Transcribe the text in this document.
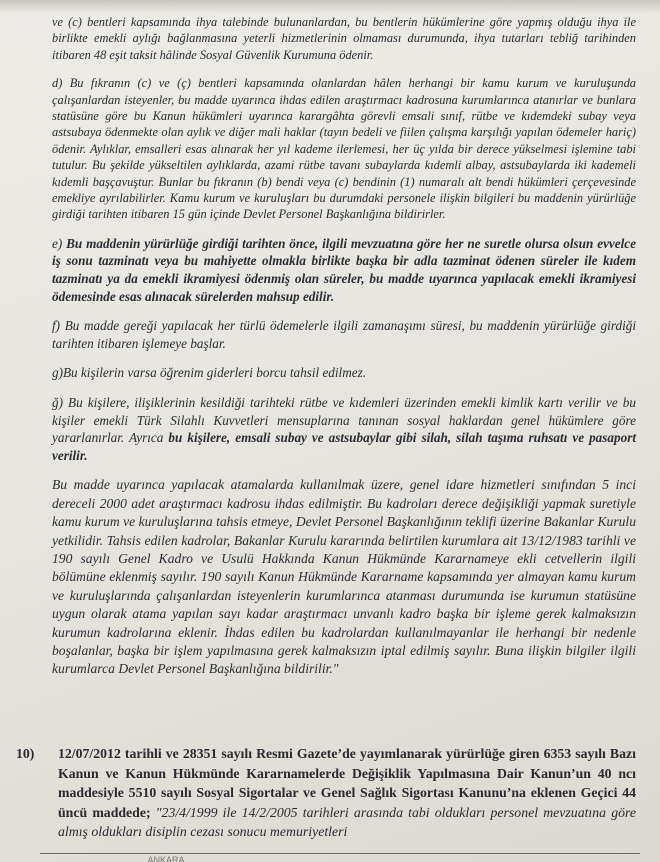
ve (c) bentleri kapsamında ihya talebinde bulunanlardan, bu bentlerin hükümlerine göre yapmış olduğu ihya ile birlikte emekli aylığı bağlanmasına yeterli hizmetlerinin olmaması durumunda, ihya tutarları tebliğ tarihinden itibaren 48 eşit taksit hâlinde Sosyal Güvenlik Kurumuna ödenir.

d) Bu fıkranın (c) ve (ç) bentleri kapsamında olanlardan hâlen herhangi bir kamu kurum ve kuruluşunda çalışanlardan isteyenler, bu madde uyarınca ihdas edilen araştırmacı kadrosuna kurumlarınca atanırlar ve bunlara statüsüne göre bu Kanun hükümleri uyarınca karargâhta görevli emsali sınıf, rütbe ve kıdemdeki subay veya astsubaya ödenmekte olan aylık ve diğer mali haklar (tayın bedeli ve fiilen çalışma karşılığı yapılan ödemeler hariç) ödenir. Aylıklar, emsalleri esas alınarak her yıl kademe ilerlemesi, her üç yılda bir derece yükselmesi işlemine tabi tutulur. Bu şekilde yükseltilen aylıklarda, azami rütbe tavanı subaylarda kıdemli albay, astsubaylarda iki kademeli kıdemli başçavuştur. Bunlar bu fıkranın (b) bendi veya (c) bendinin (1) numaralı alt bendi hükümleri çerçevesinde emekliye ayrılabilirler. Kamu kurum ve kuruluşları bu durumdaki personele ilişkin bilgileri bu maddenin yürürlüğe girdiği tarihten itibaren 15 gün içinde Devlet Personel Başkanlığına bildirirler.

e) Bu maddenin yürürlüğe girdiği tarihten önce, ilgili mevzuatına göre her ne suretle olursa olsun evvelce iş sonu tazminatı veya bu mahiyette olmakla birlikte başka bir adla tazminat ödenen süreler ile kıdem tazminatı ya da emekli ikramiyesi ödenmiş olan süreler, bu madde uyarınca yapılacak emekli ikramiyesi ödemesinde esas alınacak sürelerden mahsup edilir.

f) Bu madde gereği yapılacak her türlü ödemelerle ilgili zamanaşımı süresi, bu maddenin yürürlüğe girdiği tarihten itibaren işlemeye başlar.

g)Bu kişilerin varsa öğrenim giderleri borcu tahsil edilmez.

ğ) Bu kişilere, ilişiklerinin kesildiği tarihteki rütbe ve kıdemleri üzerinden emekli kimlik kartı verilir ve bu kişiler emekli Türk Silahlı Kuvvetleri mensuplarına tanınan sosyal haklardan genel hükümlere göre yararlanırlar. Ayrıca bu kişilere, emsali subay ve astsubaylar gibi silah, silah taşıma ruhsatı ve pasaport verilir.

Bu madde uyarınca yapılacak atamalarda kullanılmak üzere, genel idare hizmetleri sınıfından 5 inci dereceli 2000 adet araştırmacı kadrosu ihdas edilmiştir. Bu kadroları derece değişikliği yapmak suretiyle kamu kurum ve kuruluşlarına tahsis etmeye, Devlet Personel Başkanlığının teklifi üzerine Bakanlar Kurulu yetkilidir. Tahsis edilen kadrolar, Bakanlar Kurulu kararında belirtilen kurumlara ait 13/12/1983 tarihli ve 190 sayılı Genel Kadro ve Usulü Hakkında Kanun Hükmünde Kararnameye ekli cetvellerin ilgili bölümüne eklenmiş sayılır. 190 sayılı Kanun Hükmünde Kararname kapsamında yer almayan kamu kurum ve kuruluşlarında çalışanlardan isteyenlerin kurumlarınca atanması durumunda ise kurumun statüsüne uygun olarak atama yapılan sayı kadar araştırmacı unvanlı kadro başka bir işleme gerek kalmaksızın kurumun kadrolarına eklenir. İhdas edilen bu kadrolardan kullanılmayanlar ile herhangi bir nedenle boşalanlar, başka bir işlem yapılmasına gerek kalmaksızın iptal edilmiş sayılır. Buna ilişkin bilgiler ilgili kurumlarca Devlet Personel Başkanlığına bildirilir."

10) 12/07/2012 tarihli ve 28351 sayılı Resmi Gazete’de yayımlanarak yürürlüğe giren 6353 sayılı Bazı Kanun ve Kanun Hükmünde Kararnamelerde Değişiklik Yapılmasına Dair Kanun’un 40 ncı maddesiyle 5510 sayılı Sosyal Sigortalar ve Genel Sağlık Sigortası Kanunu’na eklenen Geçici 44 üncü maddede; "23/4/1999 ile 14/2/2005 tarihleri arasında tabi oldukları personel mevzuatına göre almış oldukları disiplin cezası sonucu memuriyetleri
...........ANKARA
